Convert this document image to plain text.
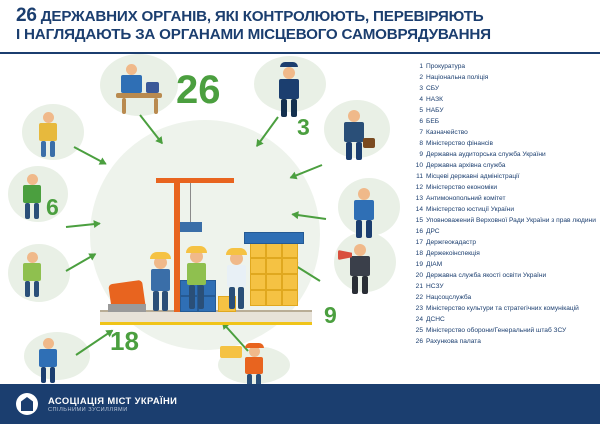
26 ДЕРЖАВНИХ ОРГАНІВ, ЯКІ КОНТРОЛЮЮТЬ, ПЕРЕВІРЯЮТЬ
І НАГЛЯДАЮТЬ ЗА ОРГАНАМИ МІСЦЕВОГО САМОВРЯДУВАННЯ
26
3
6
9
18
1 Прокуратура
2 Національна поліція
3 СБУ
4 НАЗК
5 НАБУ
6 БЕБ
7 Казначейство
8 Міністерство фінансів
9 Державна аудиторська служба України
10 Державна архівна служба
11 Місцеві державні адміністрації
12 Міністерство економіки
13 Антимонопольний комітет
14 Міністерство юстиції України
15 Уповноважений Верховної Ради України з прав людини
16 ДРС
17 Держгеокадастр
18 Держекоінспекція
19 ДІАМ
20 Державна служба якості освіти України
21 НСЗУ
22 Нацсоцслужба
23 Міністерство культури та стратегічних комунікацій
24 ДСНС
25 Міністерство оборони/Генеральний штаб ЗСУ
26 Рахункова палата
АСОЦІАЦІЯ МІСТ УКРАЇНИ
СПІЛЬНИМИ ЗУСИЛЛЯМИ
